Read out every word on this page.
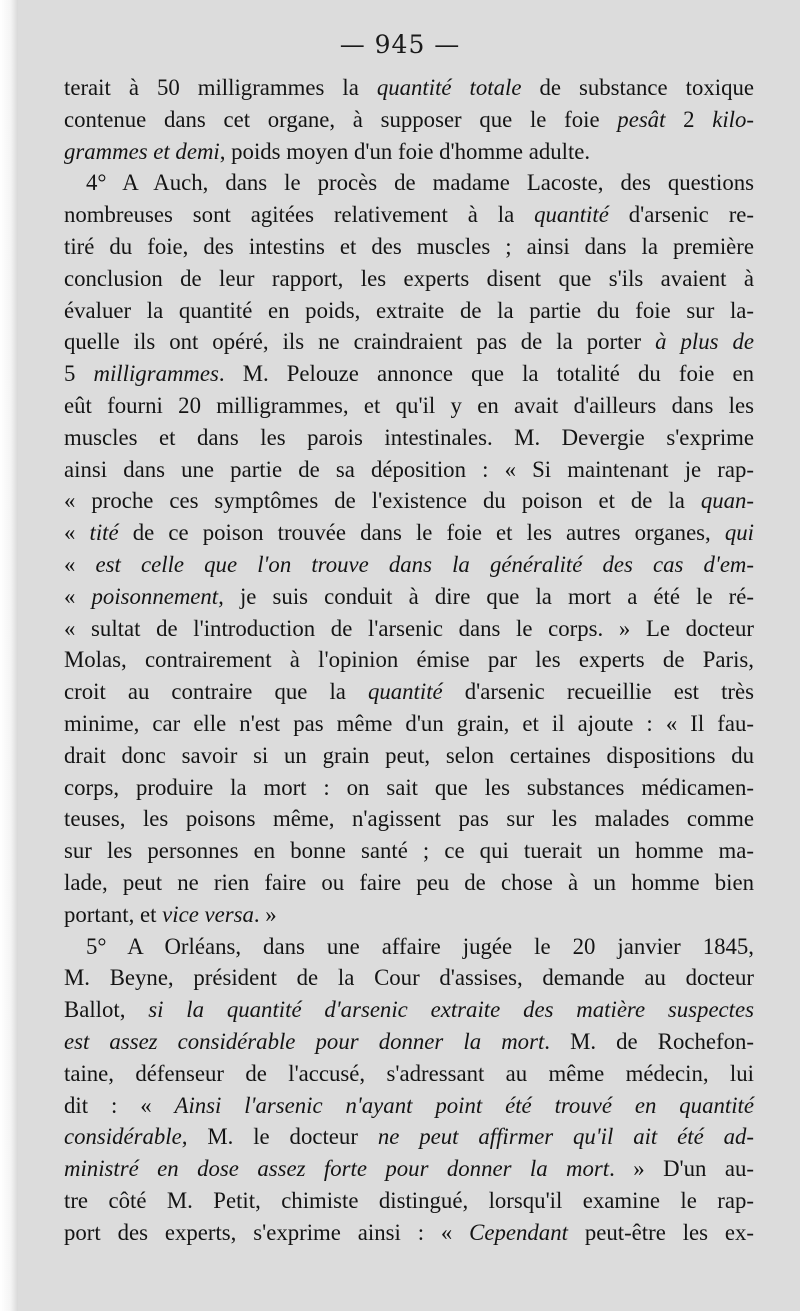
— 945 —
terait à 50 milligrammes la quantité totale de substance toxique
contenue dans cet organe, à supposer que le foie pesât 2 kilo-
grammes et demi, poids moyen d'un foie d'homme adulte.
4° A Auch, dans le procès de madame Lacoste, des questions
nombreuses sont agitées relativement à la quantité d'arsenic re-
tiré du foie, des intestins et des muscles ; ainsi dans la première
conclusion de leur rapport, les experts disent que s'ils avaient à
évaluer la quantité en poids, extraite de la partie du foie sur la-
quelle ils ont opéré, ils ne craindraient pas de la porter à plus de
5 milligrammes. M. Pelouze annonce que la totalité du foie en
eût fourni 20 milligrammes, et qu'il y en avait d'ailleurs dans les
muscles et dans les parois intestinales. M. Devergie s'exprime
ainsi dans une partie de sa déposition : « Si maintenant je rap-
« proche ces symptômes de l'existence du poison et de la quan-
« tité de ce poison trouvée dans le foie et les autres organes, qui
« est celle que l'on trouve dans la généralité des cas d'em-
« poisonnement, je suis conduit à dire que la mort a été le ré-
« sultat de l'introduction de l'arsenic dans le corps. » Le docteur
Molas, contrairement à l'opinion émise par les experts de Paris,
croit au contraire que la quantité d'arsenic recueillie est très
minime, car elle n'est pas même d'un grain, et il ajoute : « Il fau-
drait donc savoir si un grain peut, selon certaines dispositions du
corps, produire la mort : on sait que les substances médicamen-
teuses, les poisons même, n'agissent pas sur les malades comme
sur les personnes en bonne santé ; ce qui tuerait un homme ma-
lade, peut ne rien faire ou faire peu de chose à un homme bien
portant, et vice versa. »
5° A Orléans, dans une affaire jugée le 20 janvier 1845,
M. Beyne, président de la Cour d'assises, demande au docteur
Ballot, si la quantité d'arsenic extraite des matière suspectes
est assez considérable pour donner la mort. M. de Rochefon-
taine, défenseur de l'accusé, s'adressant au même médecin, lui
dit : « Ainsi l'arsenic n'ayant point été trouvé en quantité
considérable, M. le docteur ne peut affirmer qu'il ait été ad-
ministré en dose assez forte pour donner la mort. » D'un au-
tre côté M. Petit, chimiste distingué, lorsqu'il examine le rap-
port des experts, s'exprime ainsi : « Cependant peut-être les ex-
